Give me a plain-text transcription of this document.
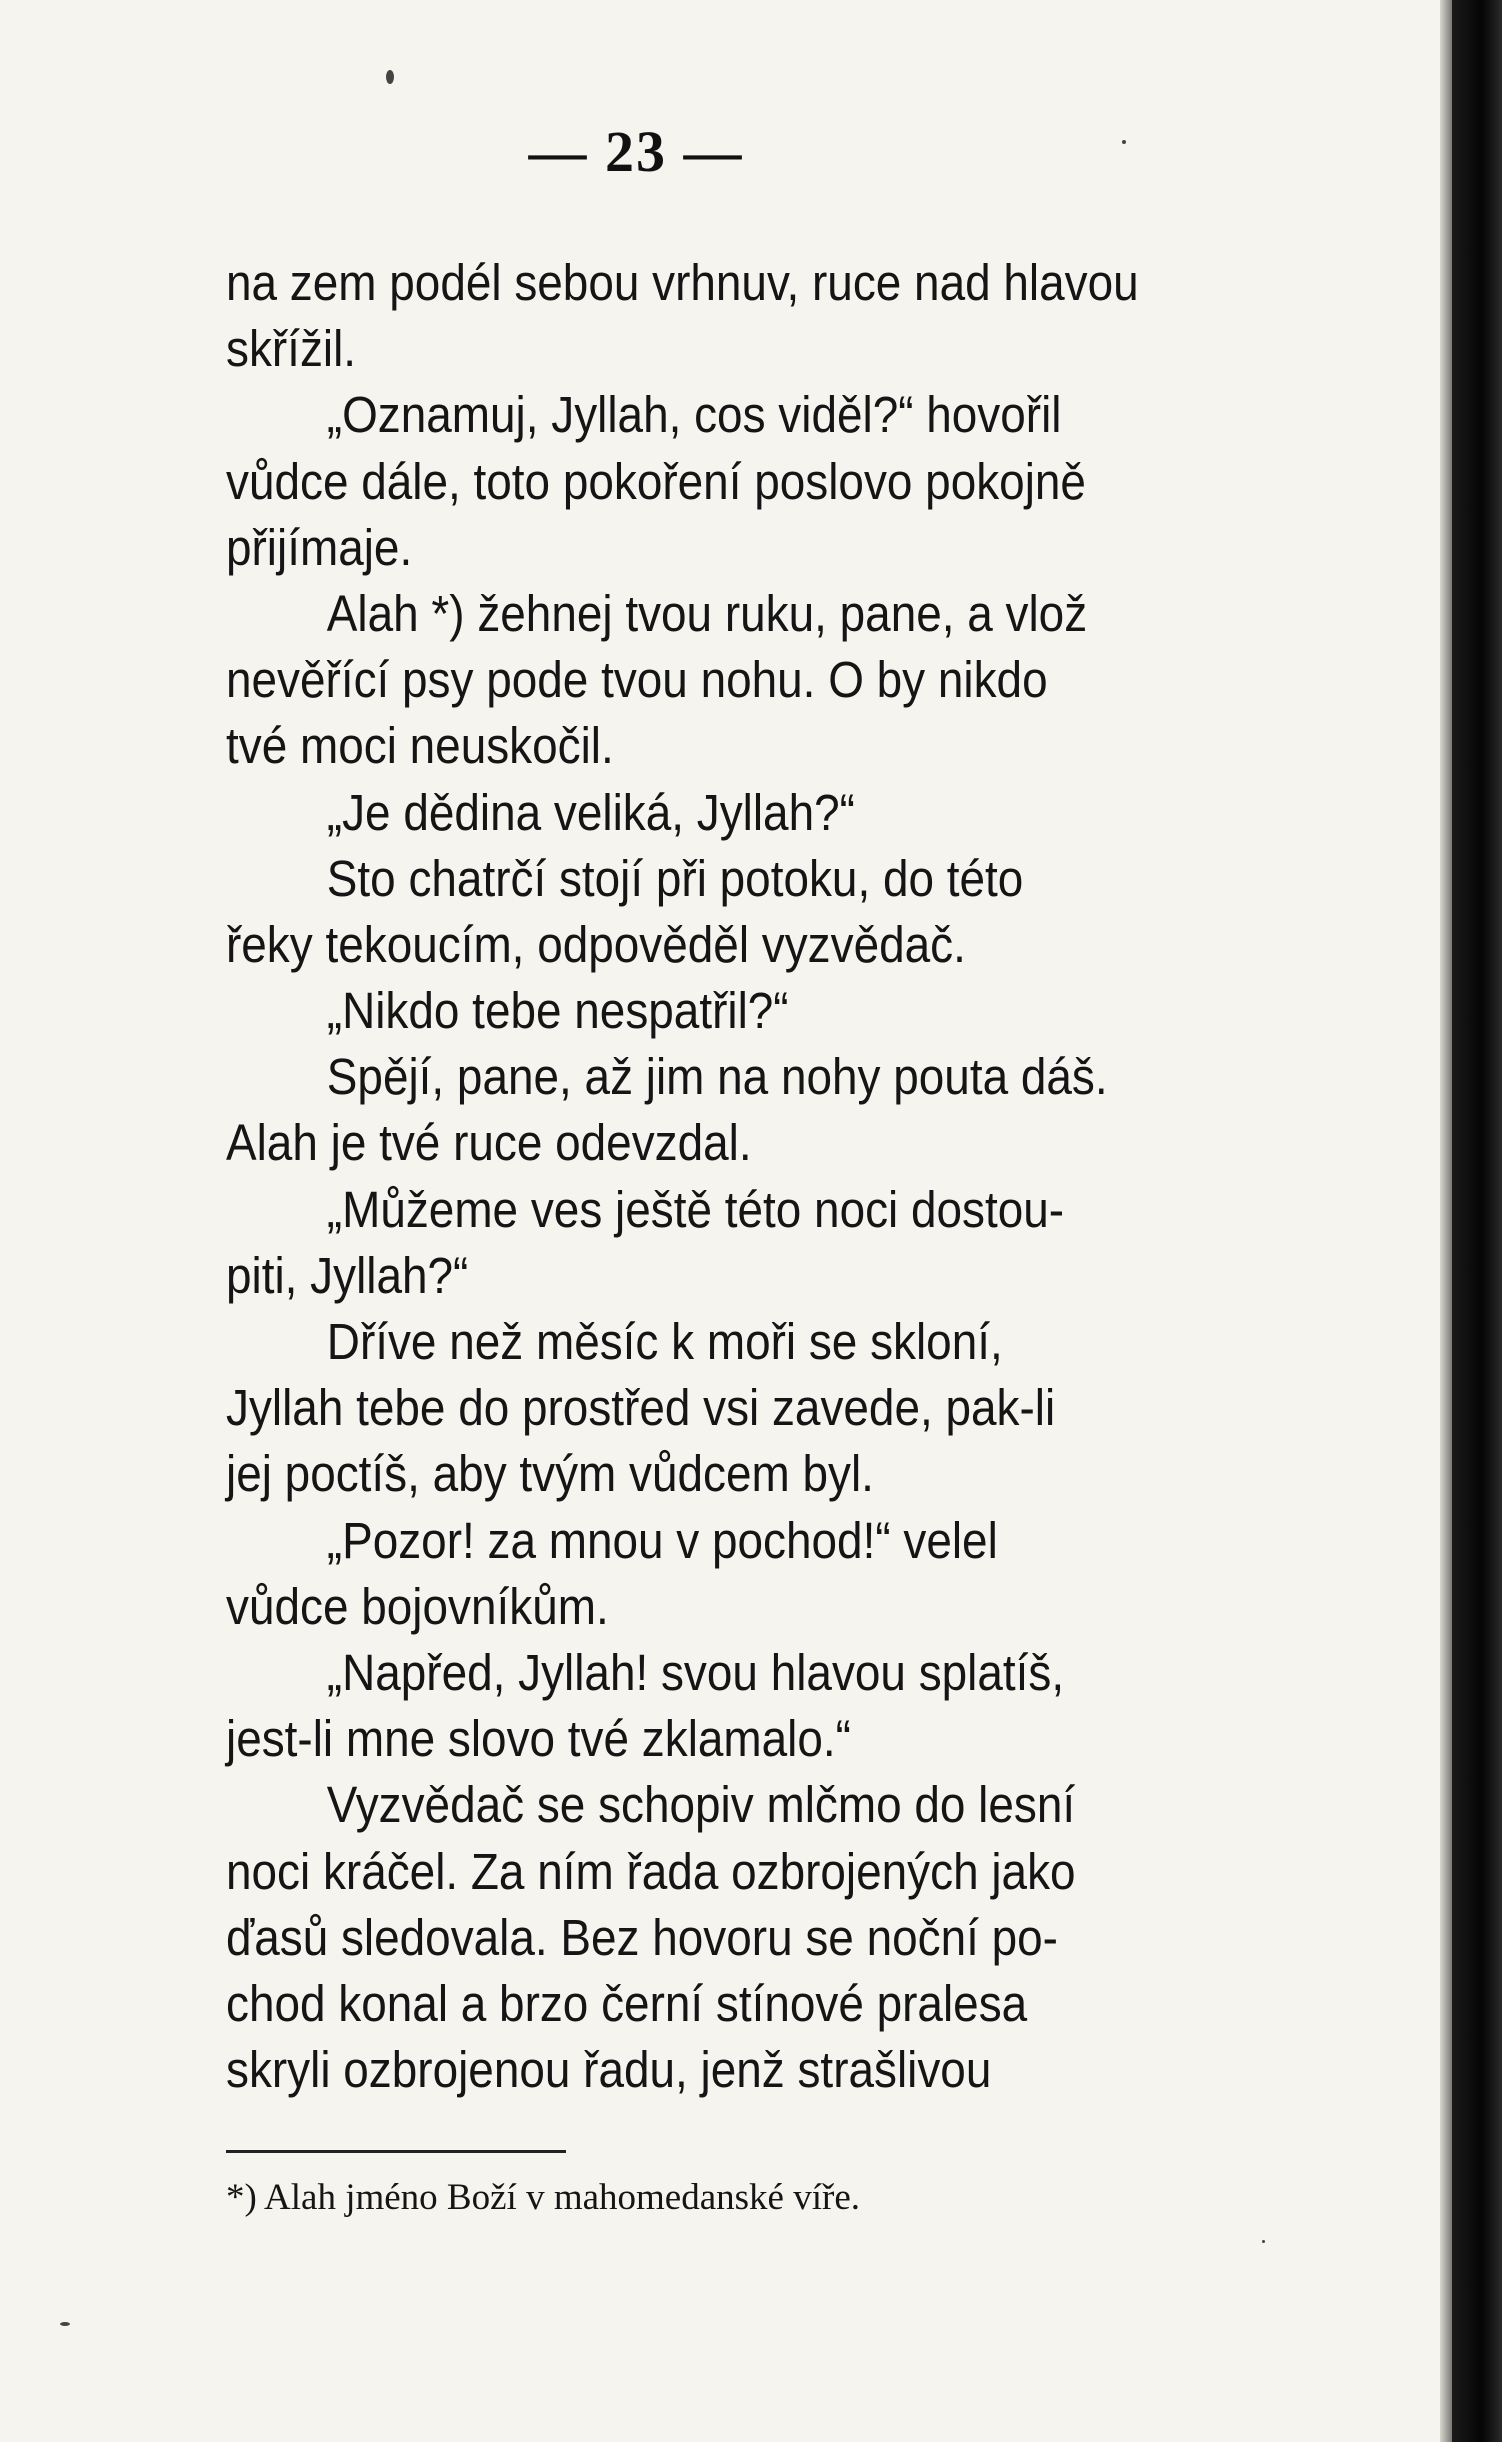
— 23 —
na zem podél sebou vrhnuv, ruce nad hlavou
skřížil.
„Oznamuj, Jyllah, cos viděl?“ hovořil
vůdce dále, toto pokoření poslovo pokojně
přijímaje.
Alah *) žehnej tvou ruku, pane, a vlož
nevěřící psy pode tvou nohu. O by nikdo
tvé moci neuskočil.
„Je dědina veliká, Jyllah?“
Sto chatrčí stojí při potoku, do této
řeky tekoucím, odpověděl vyzvědač.
„Nikdo tebe nespatřil?“
Spějí, pane, až jim na nohy pouta dáš.
Alah je tvé ruce odevzdal.
„Můžeme ves ještě této noci dostou-
piti, Jyllah?“
Dříve než měsíc k moři se skloní,
Jyllah tebe do prostřed vsi zavede, pak-li
jej poctíš, aby tvým vůdcem byl.
„Pozor! za mnou v pochod!“ velel
vůdce bojovníkům.
„Napřed, Jyllah! svou hlavou splatíš,
jest-li mne slovo tvé zklamalo.“
Vyzvědač se schopiv mlčmo do lesní
noci kráčel. Za ním řada ozbrojených jako
ďasů sledovala. Bez hovoru se noční po-
chod konal a brzo černí stínové pralesa
skryli ozbrojenou řadu, jenž strašlivou
*) Alah jméno Boží v mahomedanské víře.
